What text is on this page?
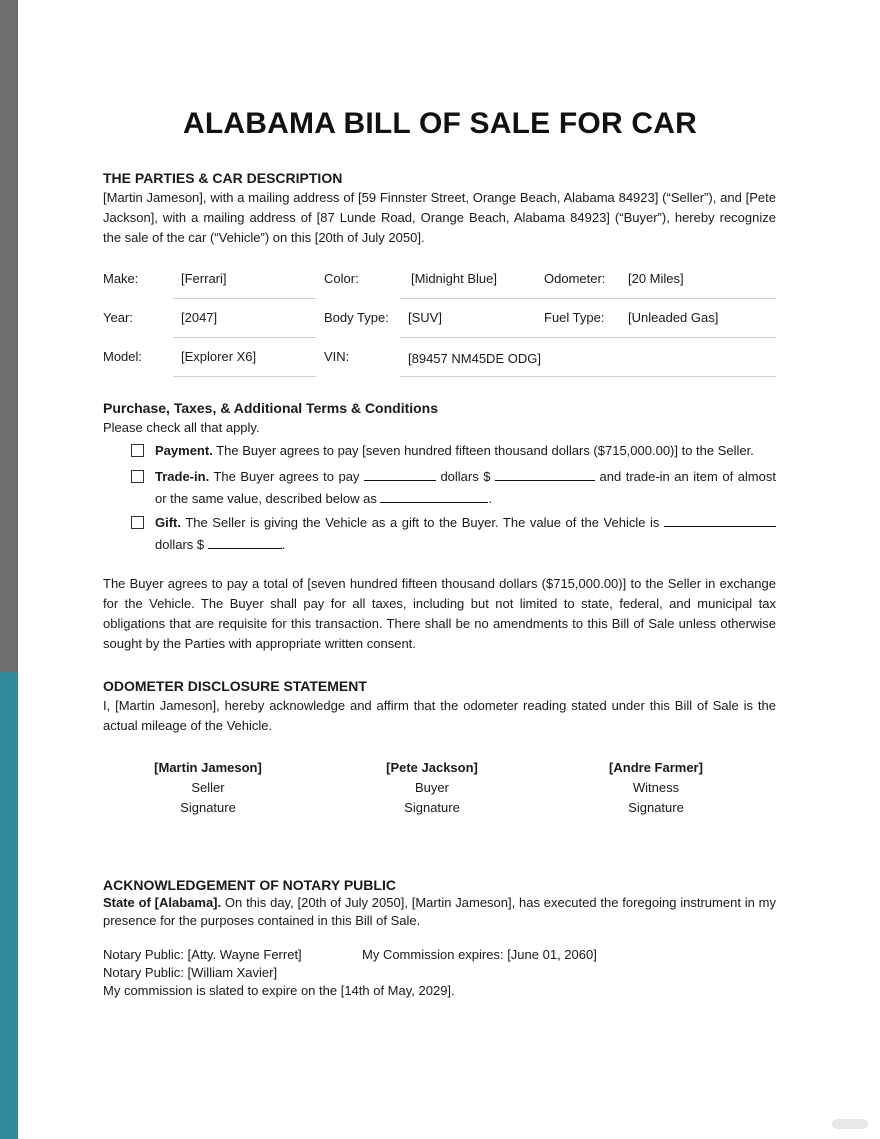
ALABAMA BILL OF SALE FOR CAR

THE PARTIES & CAR DESCRIPTION

[Martin Jameson], with a mailing address of [59 Finnster Street, Orange Beach, Alabama 84923] (“Seller”), and [Pete Jackson], with a mailing address of [87 Lunde Road, Orange Beach, Alabama 84923] (“Buyer”), hereby recognize the sale of the car (“Vehicle”) on this [20th of July 2050].

Make:	[Ferrari]	Color:	[Midnight Blue]	Odometer: [20 Miles]
Year:	[2047]	Body Type: [SUV]	Fuel Type: [Unleaded Gas]
Model:	[Explorer X6]	VIN:	[89457 NM45DE ODG]

Purchase, Taxes, & Additional Terms & Conditions

Please check all that apply.

Payment. The Buyer agrees to pay [seven hundred fifteen thousand dollars ($715,000.00)] to the Seller.
Trade-in. The Buyer agrees to pay	dollars $	and trade-in an item of almost or the same value, described below as	.
Gift. The Seller is giving the Vehicle as a gift to the Buyer. The value of the Vehicle is  dollars $	.

The Buyer agrees to pay a total of [seven hundred fifteen thousand dollars ($715,000.00)] to the Seller in exchange for the Vehicle. The Buyer shall pay for all taxes, including but not limited to state, federal, and municipal tax obligations that are requisite for this transaction. There shall be no amendments to this Bill of Sale unless otherwise sought by the Parties with appropriate written consent.

ODOMETER DISCLOSURE STATEMENT

I, [Martin Jameson], hereby acknowledge and affirm that the odometer reading stated under this Bill of Sale is the actual mileage of the Vehicle.

[Martin Jameson]
Seller
Signature
[Pete Jackson]
Buyer
Signature
[Andre Farmer]
Witness
Signature

ACKNOWLEDGEMENT OF NOTARY PUBLIC

State of [Alabama]. On this day, [20th of July 2050], [Martin Jameson], has executed the foregoing instrument in my presence for the purposes contained in this Bill of Sale.

Notary Public: [Atty. Wayne Ferret]	My Commission expires: [June 01, 2060]
Notary Public: [William Xavier]
My commission is slated to expire on the [14th of May, 2029].
